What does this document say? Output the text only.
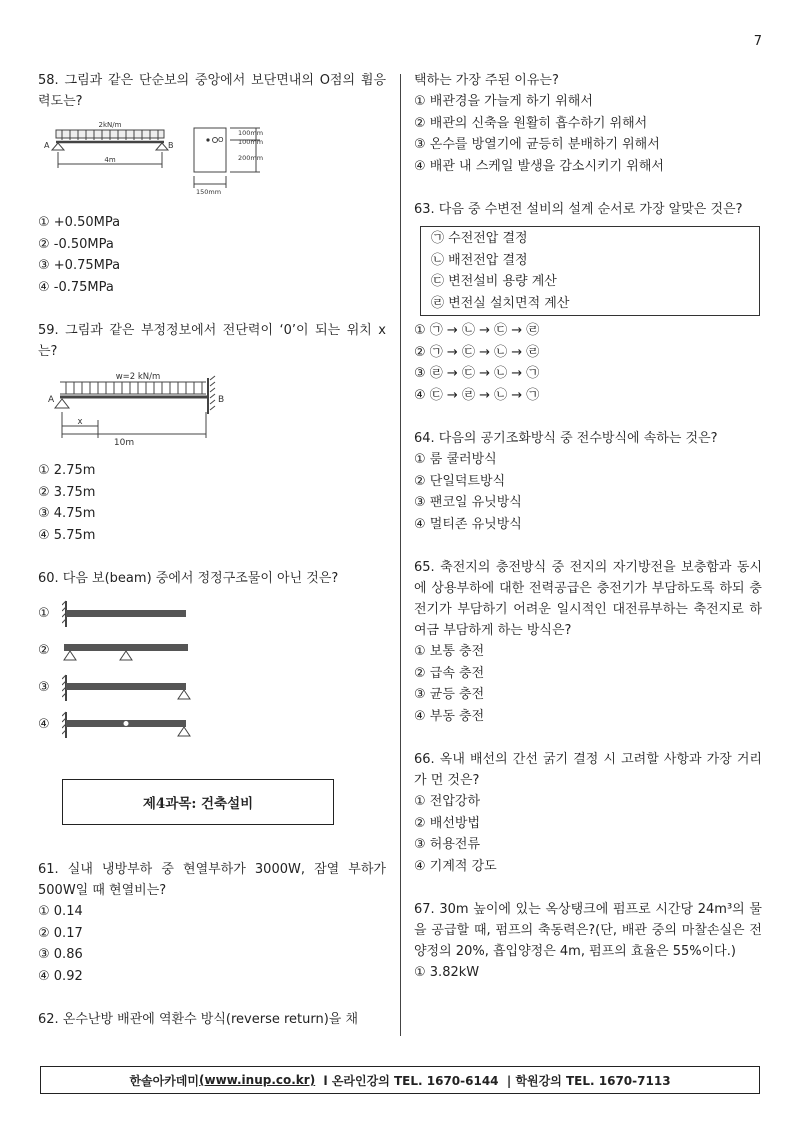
7
58. 그림과 같은 단순보의 중앙에서 보단면내의 O점의 휨응력도는?
2kN/m
A	B
4m
O
100mm
100mm
200mm
150mm
① +0.50MPa
② -0.50MPa
③ +0.75MPa
④ -0.75MPa
59. 그림과 같은 부정정보에서 전단력이 ‘0’이 되는 위치 x는?
w=2 kN/m
A	B
x
10m
① 2.75m
② 3.75m
③ 4.75m
④ 5.75m
60. 다음 보(beam) 중에서 정정구조물이 아닌 것은?
①
②
③
④
제4과목: 건축설비
61. 실내 냉방부하 중 현열부하가 3000W, 잠열 부하가 500W일 때 현열비는?
① 0.14
② 0.17
③ 0.86
④ 0.92
62. 온수난방 배관에 역환수 방식(reverse return)을 채
택하는 가장 주된 이유는?
① 배관경을 가늘게 하기 위해서
② 배관의 신축을 원활히 흡수하기 위해서
③ 온수를 방열기에 균등히 분배하기 위해서
④ 배관 내 스케일 발생을 감소시키기 위해서
63. 다음 중 수변전 설비의 설계 순서로 가장 알맞은 것은?
㉠ 수전전압 결정
㉡ 배전전압 결정
㉢ 변전설비 용량 계산
㉣ 변전실 설치면적 계산
① ㉠ → ㉡ → ㉢ → ㉣
② ㉠ → ㉢ → ㉡ → ㉣
③ ㉣ → ㉢ → ㉡ → ㉠
④ ㉢ → ㉣ → ㉡ → ㉠
64. 다음의 공기조화방식 중 전수방식에 속하는 것은?
① 룸 쿨러방식
② 단일덕트방식
③ 팬코일 유닛방식
④ 멀티존 유닛방식
65. 축전지의 충전방식 중 전지의 자기방전을 보충함과 동시에 상용부하에 대한 전력공급은 충전기가 부담하도록 하되 충전기가 부담하기 어려운 일시적인 대전류부하는 축전지로 하여금 부담하게 하는 방식은?
① 보통 충전
② 급속 충전
③ 균등 충전
④ 부동 충전
66. 옥내 배선의 간선 굵기 결정 시 고려할 사항과 가장 거리가 먼 것은?
① 전압강하
② 배선방법
③ 허용전류
④ 기계적 강도
67. 30m 높이에 있는 옥상탱크에 펌프로 시간당 24m³의 물을 공급할 때, 펌프의 축동력은?(단, 배관 중의 마찰손실은 전양정의 20%, 흡입양정은 4m, 펌프의 효율은 55%이다.)
① 3.82kW
한솔아카데미 (www.inup.co.kr)
l 온라인강의 TEL. 1670-6144
| 학원강의 TEL. 1670-7113
